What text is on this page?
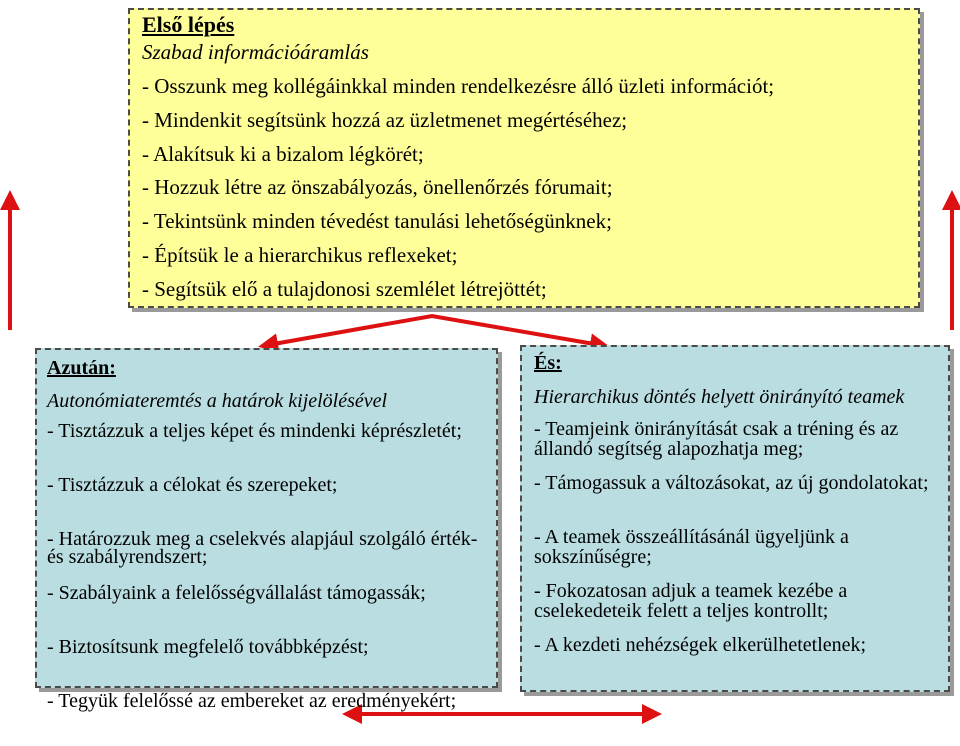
Első lépés
Szabad információáramlás
- Osszunk meg kollégáinkkal minden rendelkezésre álló üzleti információt;
- Mindenkit segítsünk hozzá az üzletmenet megértéséhez;
- Alakítsuk ki a bizalom légkörét;
- Hozzuk létre az önszabályozás, önellenőrzés fórumait;
- Tekintsünk minden tévedést tanulási lehetőségünknek;
- Építsük le a hierarchikus reflexeket;
- Segítsük elő a tulajdonosi szemlélet létrejöttét;
Azután:
Autonómiateremtés a határok kijelölésével
- Tisztázzuk a teljes képet és mindenki képrészletét;
- Tisztázzuk a célokat és szerepeket;
- Határozzuk meg a cselekvés alapjául szolgáló érték- és szabályrendszert;
- Szabályaink a felelősségvállalást támogassák;
- Biztosítsunk megfelelő továbbképzést;
- Tegyük felelőssé az embereket az eredményekért;
És:
Hierarchikus döntés helyett önirányító teamek
- Teamjeink önirányítását csak a tréning és az állandó segítség alapozhatja meg;
- Támogassuk a változásokat, az új gondolatokat;
- A teamek összeállításánál ügyeljünk a sokszínűségre;
- Fokozatosan adjuk a teamek kezébe a cselekedeteik felett a teljes kontrollt;
- A kezdeti nehézségek elkerülhetetlenek;
